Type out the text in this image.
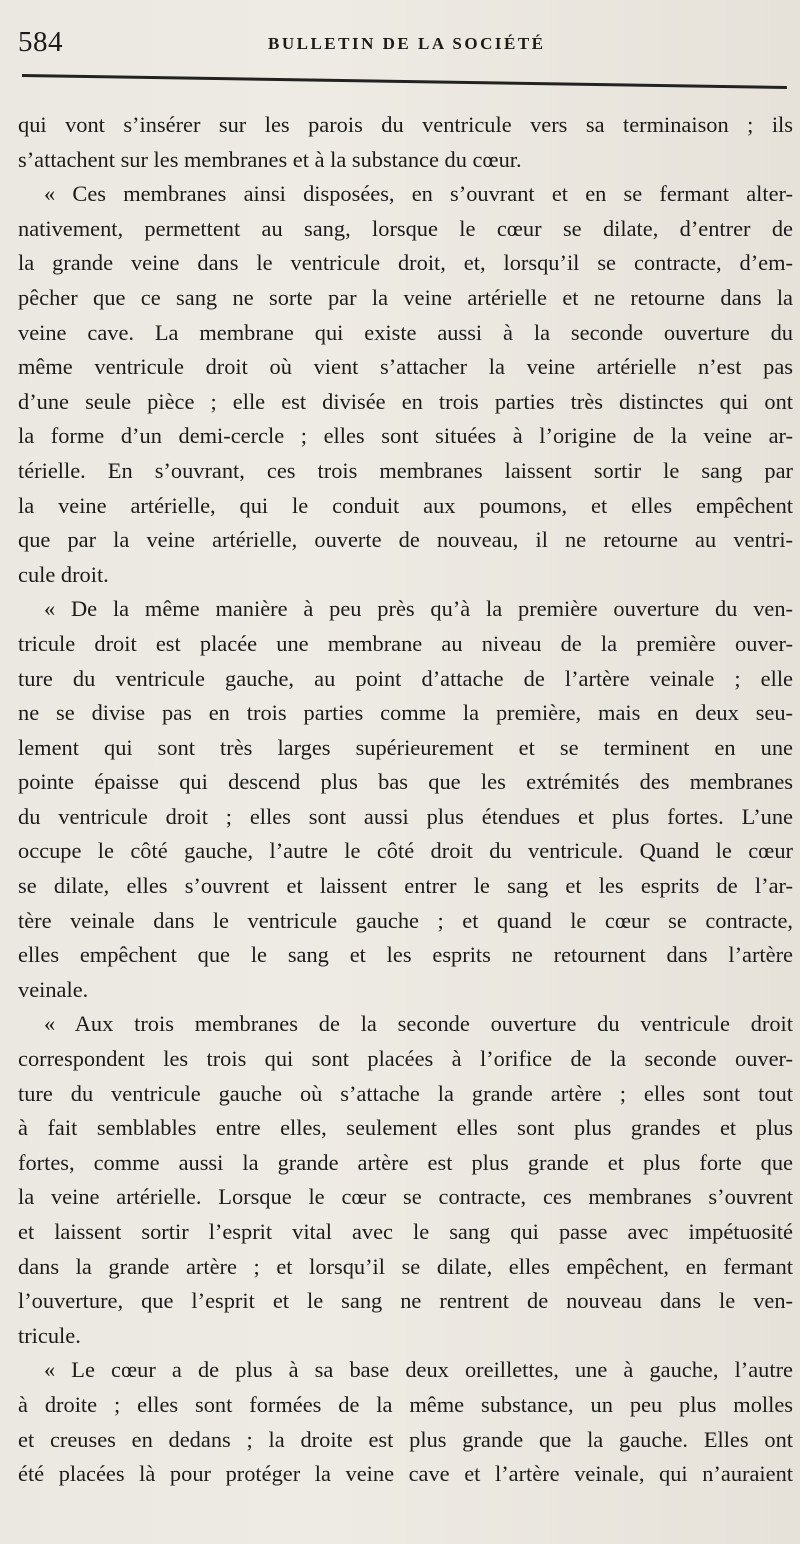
584	BULLETIN DE LA SOCIÉTÉ
qui vont s’insérer sur les parois du ventricule vers sa terminaison ; ils
s’attachent sur les membranes et à la substance du cœur.
« Ces membranes ainsi disposées, en s’ouvrant et en se fermant alter-
nativement, permettent au sang, lorsque le cœur se dilate, d’entrer de
la grande veine dans le ventricule droit, et, lorsqu’il se contracte, d’em-
pêcher que ce sang ne sorte par la veine artérielle et ne retourne dans la
veine cave. La membrane qui existe aussi à la seconde ouverture du
même ventricule droit où vient s’attacher la veine artérielle n’est pas
d’une seule pièce ; elle est divisée en trois parties très distinctes qui ont
la forme d’un demi-cercle ; elles sont situées à l’origine de la veine ar-
térielle. En s’ouvrant, ces trois membranes laissent sortir le sang par
la veine artérielle, qui le conduit aux poumons, et elles empêchent
que par la veine artérielle, ouverte de nouveau, il ne retourne au ventri-
cule droit.
« De la même manière à peu près qu’à la première ouverture du ven-
tricule droit est placée une membrane au niveau de la première ouver-
ture du ventricule gauche, au point d’attache de l’artère veinale ; elle
ne se divise pas en trois parties comme la première, mais en deux seu-
lement qui sont très larges supérieurement et se terminent en une
pointe épaisse qui descend plus bas que les extrémités des membranes
du ventricule droit ; elles sont aussi plus étendues et plus fortes. L’une
occupe le côté gauche, l’autre le côté droit du ventricule. Quand le cœur
se dilate, elles s’ouvrent et laissent entrer le sang et les esprits de l’ar-
tère veinale dans le ventricule gauche ; et quand le cœur se contracte,
elles empêchent que le sang et les esprits ne retournent dans l’artère
veinale.
« Aux trois membranes de la seconde ouverture du ventricule droit
correspondent les trois qui sont placées à l’orifice de la seconde ouver-
ture du ventricule gauche où s’attache la grande artère ; elles sont tout
à fait semblables entre elles, seulement elles sont plus grandes et plus
fortes, comme aussi la grande artère est plus grande et plus forte que
la veine artérielle. Lorsque le cœur se contracte, ces membranes s’ouvrent
et laissent sortir l’esprit vital avec le sang qui passe avec impétuosité
dans la grande artère ; et lorsqu’il se dilate, elles empêchent, en fermant
l’ouverture, que l’esprit et le sang ne rentrent de nouveau dans le ven-
tricule.
« Le cœur a de plus à sa base deux oreillettes, une à gauche, l’autre
à droite ; elles sont formées de la même substance, un peu plus molles
et creuses en dedans ; la droite est plus grande que la gauche. Elles ont
été placées là pour protéger la veine cave et l’artère veinale, qui n’auraient
